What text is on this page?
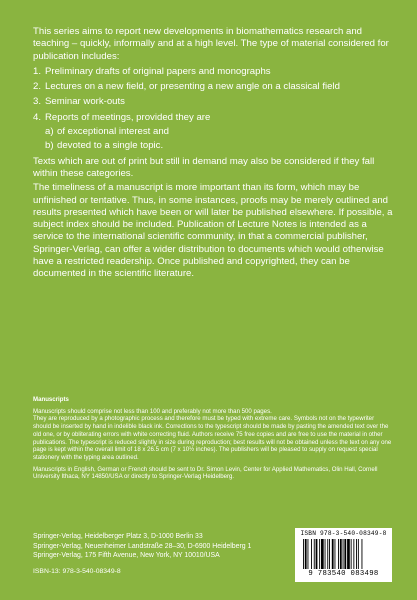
This series aims to report new developments in biomathematics research and teaching – quickly, informally and at a high level. The type of material considered for publication includes:

1. Preliminary drafts of original papers and monographs
2. Lectures on a new field, or presenting a new angle on a classical field
3. Seminar work-outs
4. Reports of meetings, provided they are
a) of exceptional interest and
b) devoted to a single topic.

Texts which are out of print but still in demand may also be considered if they fall within these categories.

The timeliness of a manuscript is more important than its form, which may be unfinished or tentative. Thus, in some instances, proofs may be merely outlined and results presented which have been or will later be published elsewhere. If possible, a subject index should be included. Publication of Lecture Notes is intended as a service to the international scientific community, in that a commercial publisher, Springer-Verlag, can offer a wider distribution to documents which would otherwise have a restricted readership. Once published and copyrighted, they can be documented in the scientific literature.

Manuscripts

Manuscripts should comprise not less than 100 and preferably not more than 500 pages.

They are reproduced by a photographic process and therefore must be typed with extreme care. Symbols not on the typewriter should be inserted by hand in indelible black ink. Corrections to the typescript should be made by pasting the amended text over the old one, or by obliterating errors with white correcting fluid. Authors receive 75 free copies and are free to use the material in other publications. The typescript is reduced slightly in size during reproduction; best results will not be obtained unless the text on any one page is kept within the overall limit of 18 x 26.5 cm (7 x 10½ inches). The publishers will be pleased to supply on request special stationery with the typing area outlined.

Manuscripts in English, German or French should be sent to Dr. Simon Levin, Center for Applied Mathematics, Olin Hall, Cornell University Ithaca, NY 14850/USA or directly to Springer-Verlag Heidelberg.

Springer-Verlag, Heidelberger Platz 3, D-1000 Berlin 33
Springer-Verlag, Neuenheimer Landstraße 28–30, D-6900 Heidelberg 1
Springer-Verlag, 175 Fifth Avenue, New York, NY 10010/USA
ISBN-13: 978-3-540-08349-8
ISBN 978-3-540-08349-8
9 783540 083498
